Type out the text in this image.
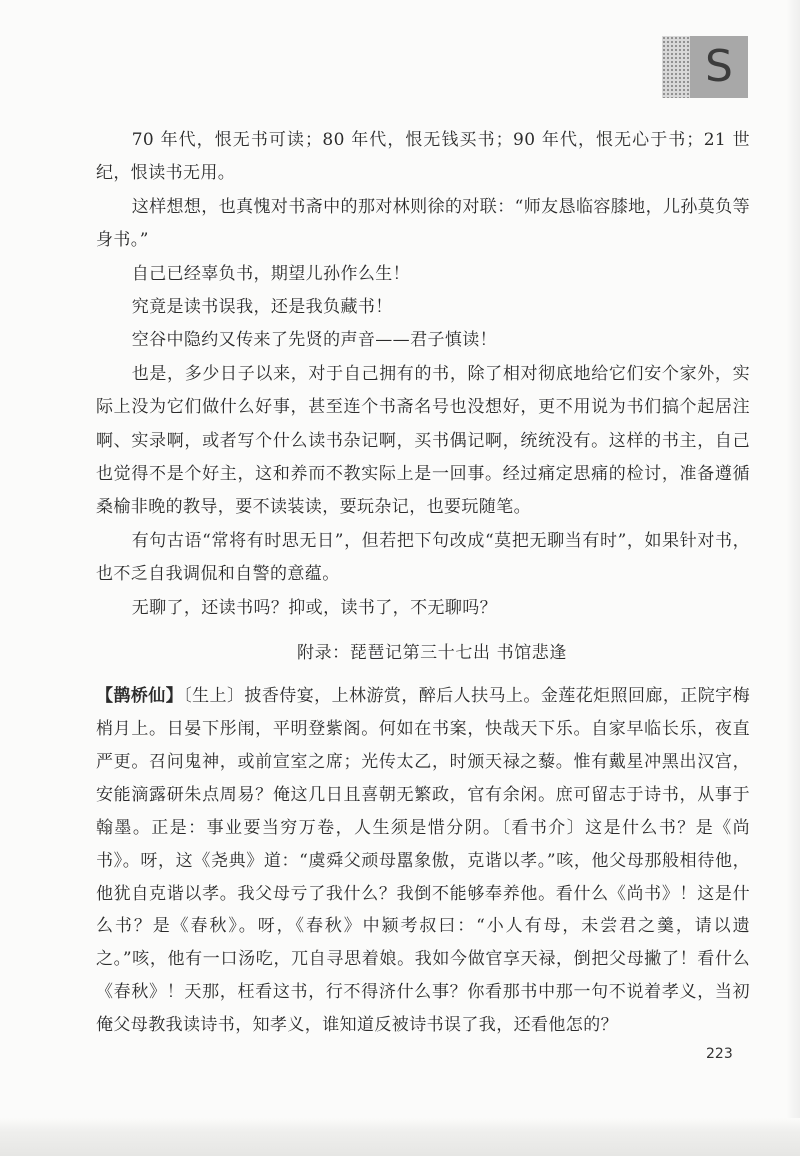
S

70 年代，恨无书可读；80 年代，恨无钱买书；90 年代，恨无心于书；21 世纪，恨读书无用。

这样想想，也真愧对书斋中的那对林则徐的对联：“师友恳临容膝地，儿孙莫负等身书。”

自己已经辜负书，期望儿孙作么生！

究竟是读书误我，还是我负藏书！

空谷中隐约又传来了先贤的声音——君子慎读！

也是，多少日子以来，对于自己拥有的书，除了相对彻底地给它们安个家外，实际上没为它们做什么好事，甚至连个书斋名号也没想好，更不用说为书们搞个起居注啊、实录啊，或者写个什么读书杂记啊，买书偶记啊，统统没有。这样的书主，自己也觉得不是个好主，这和养而不教实际上是一回事。经过痛定思痛的检讨，准备遵循桑榆非晚的教导，要不读装读，要玩杂记，也要玩随笔。

有句古语“常将有时思无日”，但若把下句改成“莫把无聊当有时”，如果针对书，也不乏自我调侃和自警的意蕴。

无聊了，还读书吗？抑或，读书了，不无聊吗？

附录：琵琶记第三十七出 书馆悲逢

【鹊桥仙】〔生上〕披香侍宴，上林游赏，醉后人扶马上。金莲花炬照回廊，正院宇梅梢月上。日晏下彤闱，平明登紫阁。何如在书案，快哉天下乐。自家早临长乐，夜直严更。召问鬼神，或前宣室之席；光传太乙，时颁天禄之藜。惟有戴星冲黑出汉宫，安能滴露研朱点周易？俺这几日且喜朝无繁政，官有余闲。庶可留志于诗书，从事于翰墨。正是：事业要当穷万卷，人生须是惜分阴。〔看书介〕这是什么书？是《尚书》。呀，这《尧典》道：“虞舜父顽母嚚象傲，克谐以孝。”咳，他父母那般相待他，他犹自克谐以孝。我父母亏了我什么？我倒不能够奉养他。看什么《尚书》！这是什么书？是《春秋》。呀，《春秋》中颍考叔曰：“小人有母，未尝君之羹，请以遗之。”咳，他有一口汤吃，兀自寻思着娘。我如今做官享天禄，倒把父母撇了！看什么《春秋》！天那，枉看这书，行不得济什么事？你看那书中那一句不说着孝义，当初俺父母教我读诗书，知孝义，谁知道反被诗书误了我，还看他怎的？

223
